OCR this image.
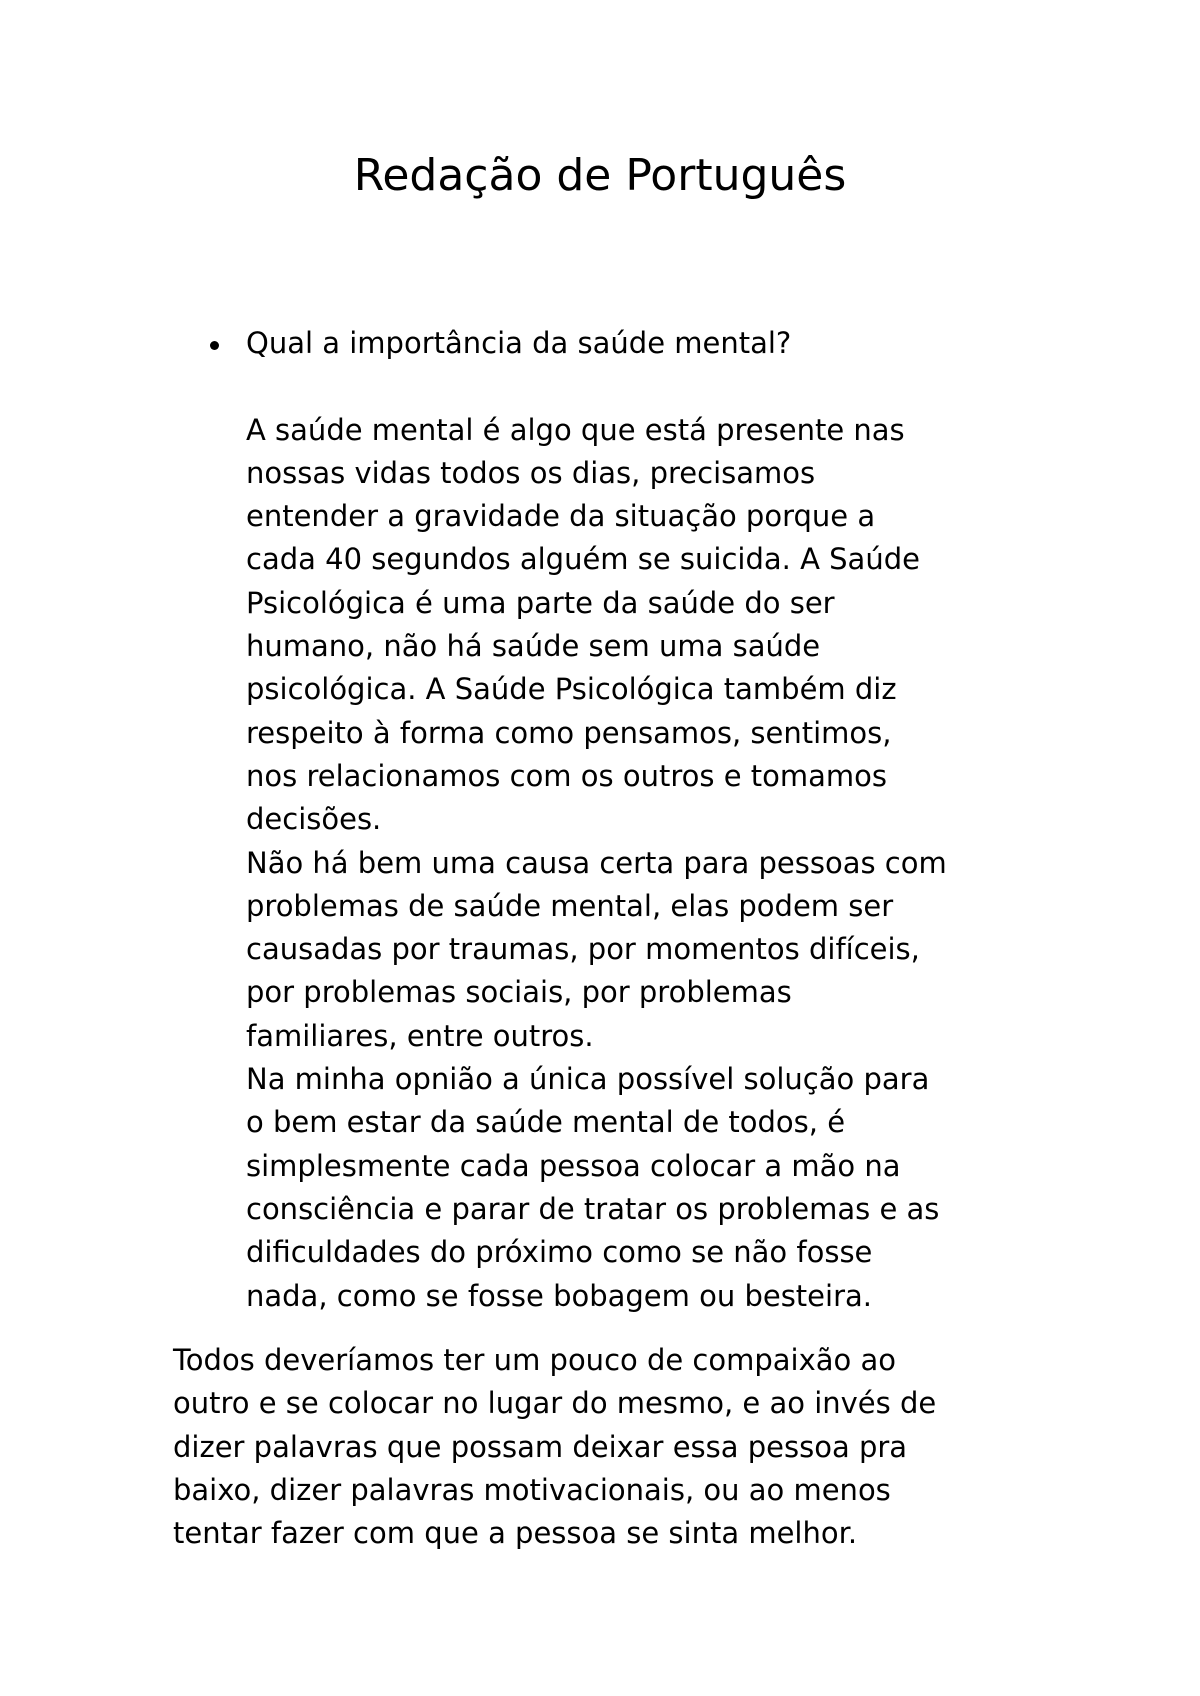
Redação de Português

Qual a importância da saúde mental?

A saúde mental é algo que está presente nas

nossas vidas todos os dias, precisamos

entender a gravidade da situação porque a

cada 40 segundos alguém se suicida. A Saúde

Psicológica é uma parte da saúde do ser

humano, não há saúde sem uma saúde

psicológica. A Saúde Psicológica também diz

respeito à forma como pensamos, sentimos,

nos relacionamos com os outros e tomamos

decisões.

Não há bem uma causa certa para pessoas com

problemas de saúde mental, elas podem ser

causadas por traumas, por momentos difíceis,

por problemas sociais, por problemas

familiares, entre outros.

Na minha opnião a única possível solução para

o bem estar da saúde mental de todos, é

simplesmente cada pessoa colocar a mão na

consciência e parar de tratar os problemas e as

dificuldades do próximo como se não fosse

nada, como se fosse bobagem ou besteira.

Todos deveríamos ter um pouco de compaixão ao

outro e se colocar no lugar do mesmo, e ao invés de

dizer palavras que possam deixar essa pessoa pra

baixo, dizer palavras motivacionais, ou ao menos

tentar fazer com que a pessoa se sinta melhor.
